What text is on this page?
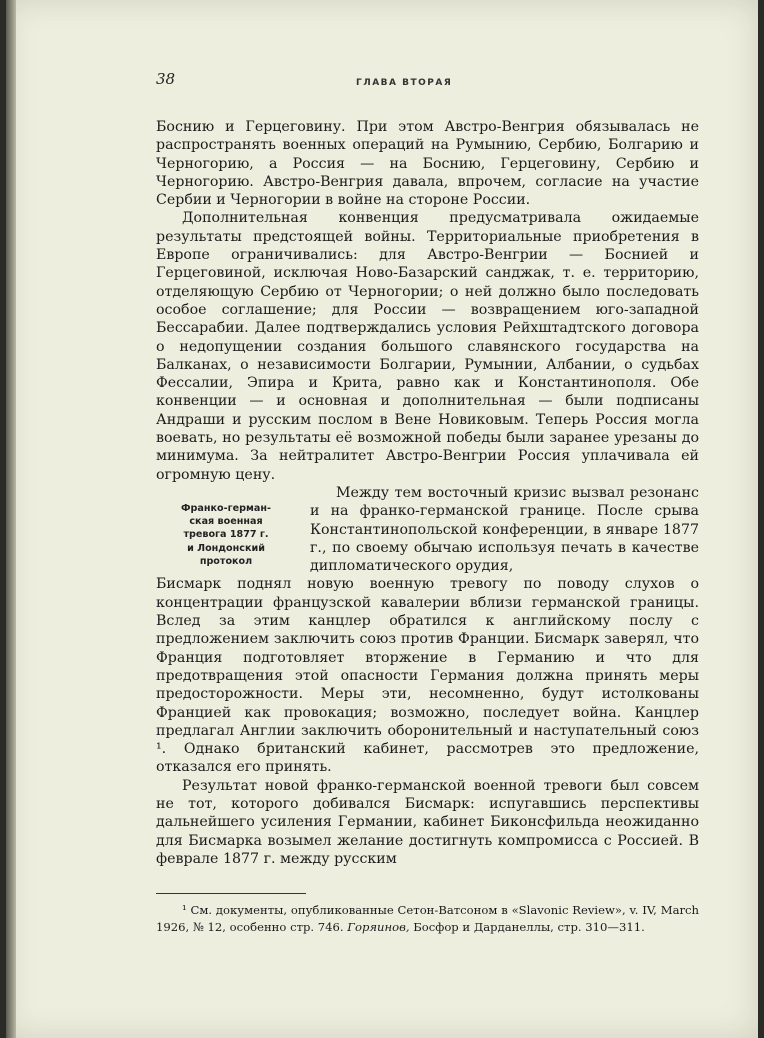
38	ГЛАВА ВТОРАЯ

Боснию и Герцеговину. При этом Австро-Венгрия обязывалась не распространять военных операций на Румынию, Сербию, Болгарию и Черногорию, а Россия — на Боснию, Герцеговину, Сербию и Черногорию. Австро-Венгрия давала, впрочем, согласие на участие Сербии и Черногории в войне на стороне России.

Дополнительная конвенция предусматривала ожидаемые результаты предстоящей войны. Территориальные приобретения в Европе ограничивались: для Австро-Венгрии — Боснией и Герцеговиной, исключая Ново-Базарский санджак, т. е. территорию, отделяющую Сербию от Черногории; о ней должно было последовать особое соглашение; для России — возвращением юго-западной Бессарабии. Далее подтверждались условия Рейхштадтского договора о недопущении создания большого славянского государства на Балканах, о независимости Болгарии, Румынии, Албании, о судьбах Фессалии, Эпира и Крита, равно как и Константинополя. Обе конвенции — и основная и дополнительная — были подписаны Андраши и русским послом в Вене Новиковым. Теперь Россия могла воевать, но результаты её возможной победы были заранее урезаны до минимума. За нейтралитет Австро-Венгрии Россия уплачивала ей огромную цену.

Франко-герман-
ская военная
тревога 1877 г.
и Лондонский
протокол
Между тем восточный кризис вызвал резонанс и на франко-германской границе. После срыва Константинопольской конференции, в январе 1877 г., по своему обычаю используя печать в качестве дипломатического орудия,

Бисмарк поднял новую военную тревогу по поводу слухов о концентрации французской кавалерии вблизи германской границы. Вслед за этим канцлер обратился к английскому послу с предложением заключить союз против Франции. Бисмарк заверял, что Франция подготовляет вторжение в Германию и что для предотвращения этой опасности Германия должна принять меры предосторожности. Меры эти, несомненно, будут истолкованы Францией как провокация; возможно, последует война. Канцлер предлагал Англии заключить оборонительный и наступательный союз ¹. Однако британский кабинет, рассмотрев это предложение, отказался его принять.

Результат новой франко-германской военной тревоги был совсем не тот, которого добивался Бисмарк: испугавшись перспективы дальнейшего усиления Германии, кабинет Биконсфильда неожиданно для Бисмарка возымел желание достигнуть компромисса с Россией. В феврале 1877 г. между русским

¹ См. документы, опубликованные Сетон-Ватсоном в «Slavonic Review», v. IV, March 1926, № 12, особенно стр. 746. Горяинов, Босфор и Дарданеллы, стр. 310—311.
